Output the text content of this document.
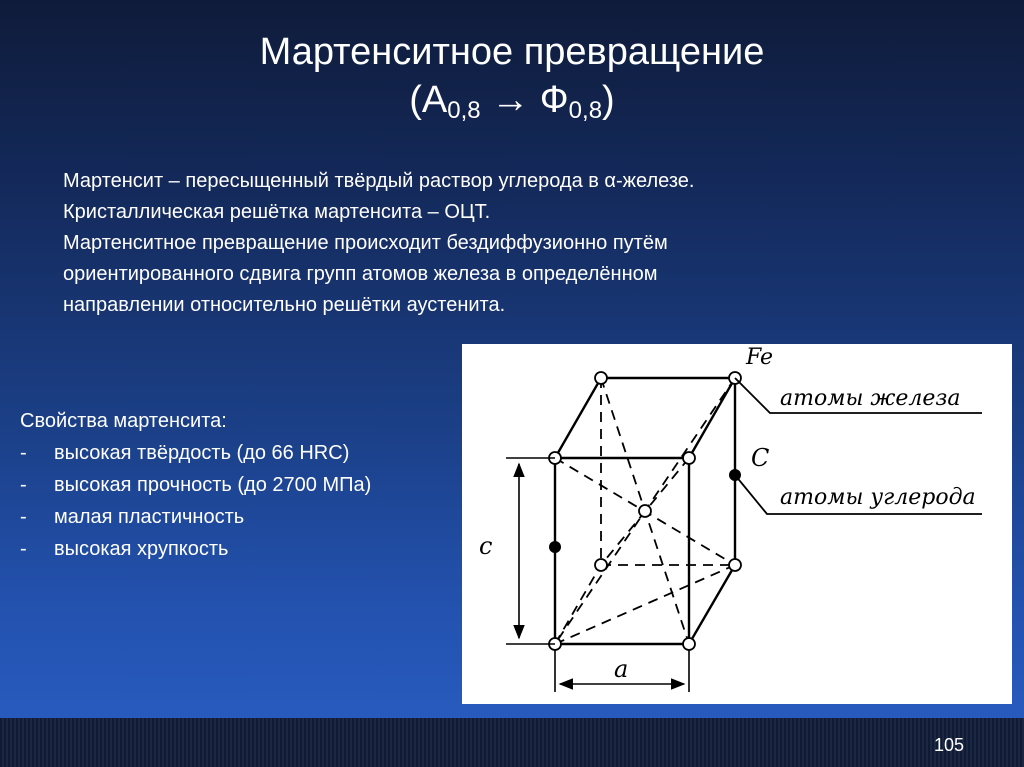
Мартенситное превращение
$(А_{0,8} \to Ф_{0,8})$
Мартенсит – пересыщенный твёрдый раствор углерода в α-железе.
Кристаллическая решётка мартенсита – ОЦТ.
Мартенситное превращение происходит бездиффузионно путём
ориентированного сдвига групп атомов железа в определённом
направлении относительно решётки аустенита.
Свойства мартенсита:
-	высокая твёрдость (до 66 HRC)
-	высокая прочность (до 2700 МПа)
-	малая пластичность
-	высокая хрупкость
Fe
атомы железа
C
атомы углерода
c
a
105
